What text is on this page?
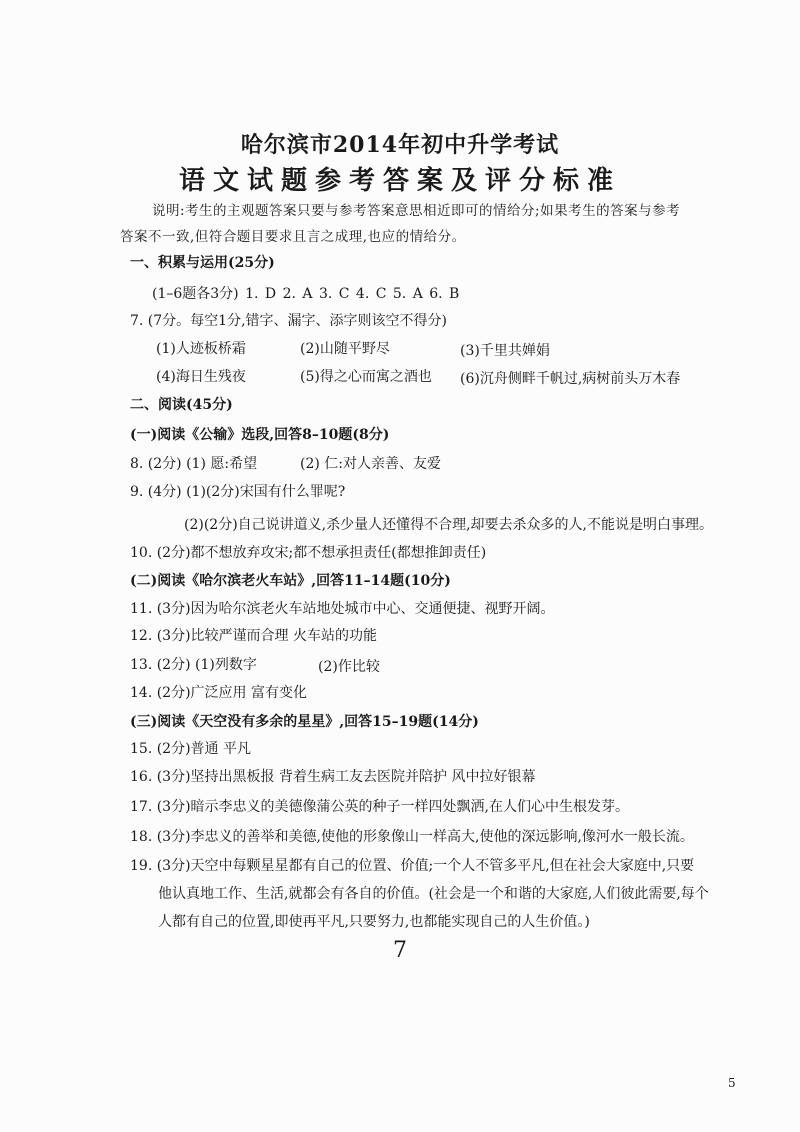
哈尔滨市2014年初中升学考试
语文试题参考答案及评分标准
说明:考生的主观题答案只要与参考答案意思相近即可的情给分;如果考生的答案与参考
答案不一致,但符合题目要求且言之成理,也应的情给分。
一、积累与运用(25分)
(1–6题各3分) 1. D 2. A 3. C 4. C 5. A 6. B
7. (7分。每空1分,错字、漏字、添字则该空不得分)
(1)人迹板桥霜	(2)山随平野尽	(3)千里共婵娟
(4)海日生残夜	(5)得之心而寓之酒也 (6)沉舟侧畔千帆过,病树前头万木春
二、阅读(45分)
(一)阅读《公输》选段,回答8–10题(8分)
8. (2分) (1) 愿:希望	(2) 仁:对人亲善、友爱
9. (4分) (1)(2分)宋国有什么罪呢?
(2)(2分)自己说讲道义,杀少量人还懂得不合理,却要去杀众多的人,不能说是明白事理。
10. (2分)都不想放弃攻宋;都不想承担责任(都想推卸责任)
(二)阅读《哈尔滨老火车站》,回答11–14题(10分)
11. (3分)因为哈尔滨老火车站地处城市中心、交通便捷、视野开阔。
12. (3分)比较严谨而合理 火车站的功能
13. (2分) (1)列数字	(2)作比较
14. (2分)广泛应用 富有变化
(三)阅读《天空没有多余的星星》,回答15–19题(14分)
15. (2分)普通 平凡
16. (3分)坚持出黑板报 背着生病工友去医院并陪护 风中拉好银幕
17. (3分)暗示李忠义的美德像蒲公英的种子一样四处飘洒,在人们心中生根发芽。
18. (3分)李忠义的善举和美德,使他的形象像山一样高大,使他的深远影响,像河水一般长流。
19. (3分)天空中每颗星星都有自己的位置、价值;一个人不管多平凡,但在社会大家庭中,只要
他认真地工作、生活,就都会有各自的价值。(社会是一个和谐的大家庭,人们彼此需要,每个
人都有自己的位置,即使再平凡,只要努力,也都能实现自己的人生价值。)
7
5
